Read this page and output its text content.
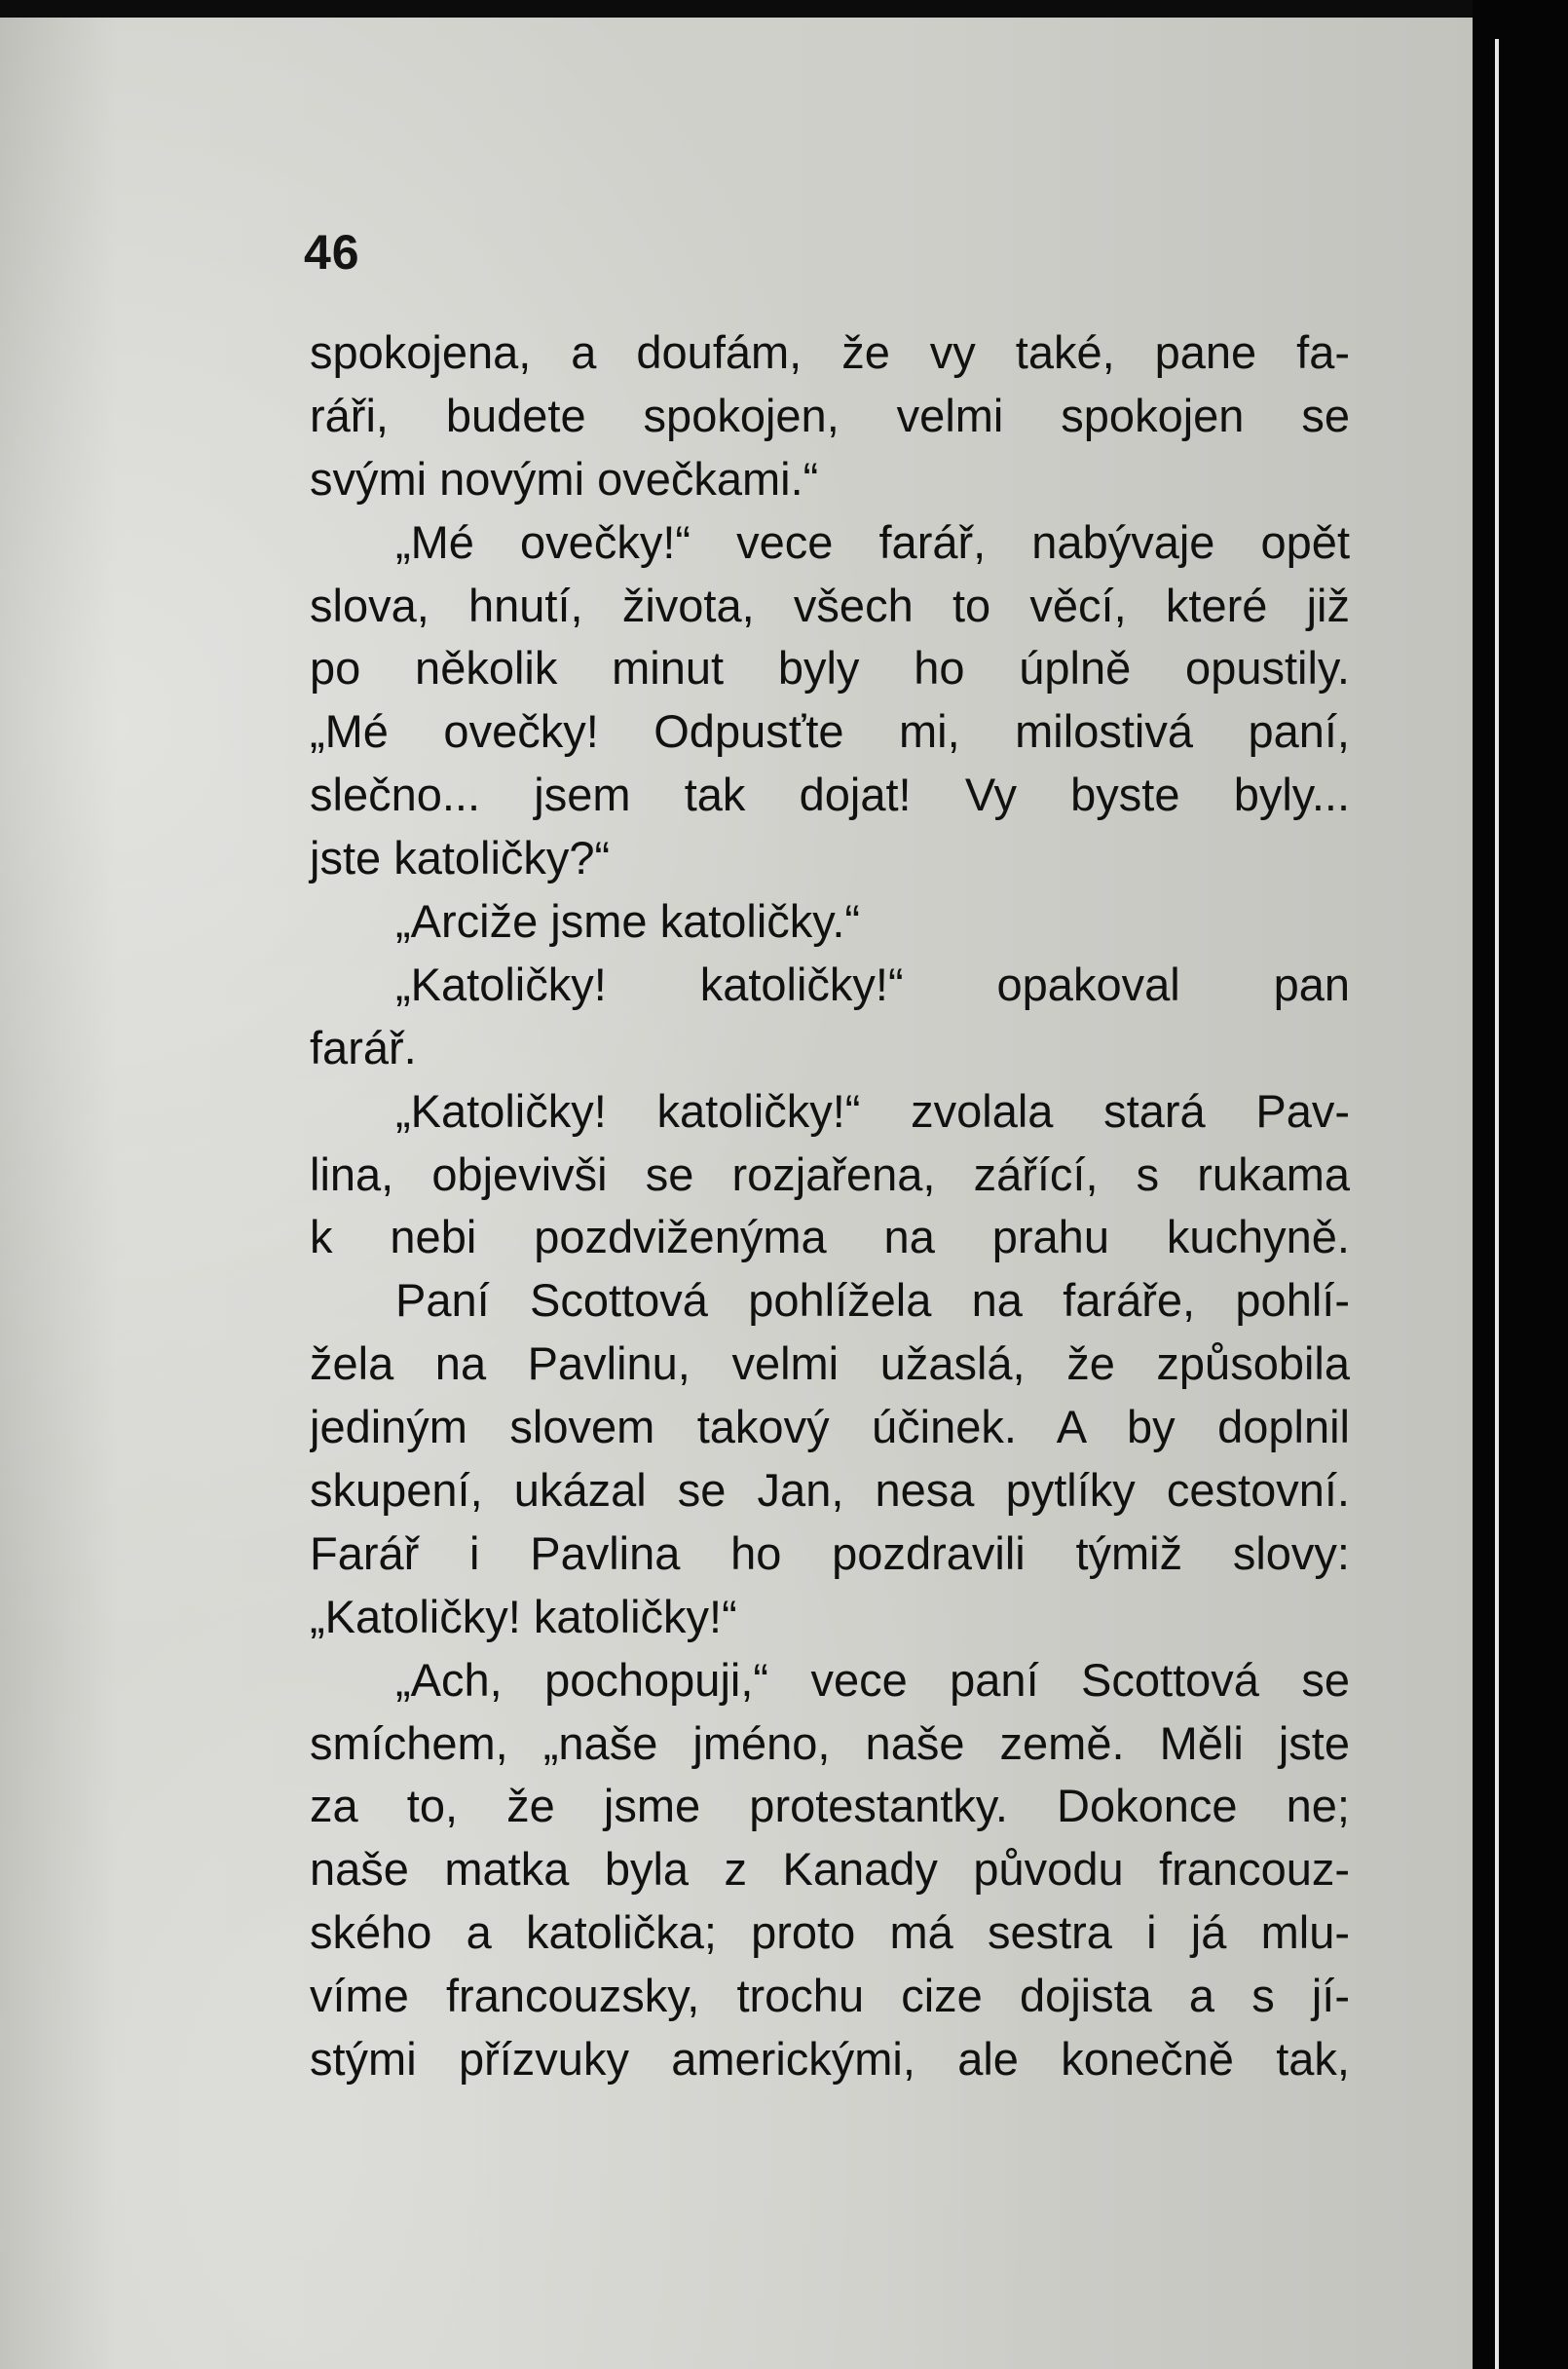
46
spokojena, a doufám, že vy také, pane fa-
ráři, budete spokojen, velmi spokojen se
svými novými ovečkami.“
„Mé ovečky!“ vece farář, nabývaje opět
slova, hnutí, života, všech to věcí, které již
po několik minut byly ho úplně opustily.
„Mé ovečky! Odpusťte mi, milostivá paní,
slečno... jsem tak dojat! Vy byste byly...
jste katoličky?“
„Arciže jsme katoličky.“
„Katoličky! katoličky!“ opakoval pan
farář.
„Katoličky! katoličky!“ zvolala stará Pav-
lina, objevivši se rozjařena, zářící, s rukama
k nebi pozdviženýma na prahu kuchyně.
Paní Scottová pohlížela na faráře, pohlí-
žela na Pavlinu, velmi užaslá, že způsobila
jediným slovem takový účinek. A by doplnil
skupení, ukázal se Jan, nesa pytlíky cestovní.
Farář i Pavlina ho pozdravili týmiž slovy:
„Katoličky! katoličky!“
„Ach, pochopuji,“ vece paní Scottová se
smíchem, „naše jméno, naše země. Měli jste
za to, že jsme protestantky. Dokonce ne;
naše matka byla z Kanady původu francouz-
ského a katolička; proto má sestra i já mlu-
víme francouzsky, trochu cize dojista a s jí-
stými přízvuky americkými, ale konečně tak,
